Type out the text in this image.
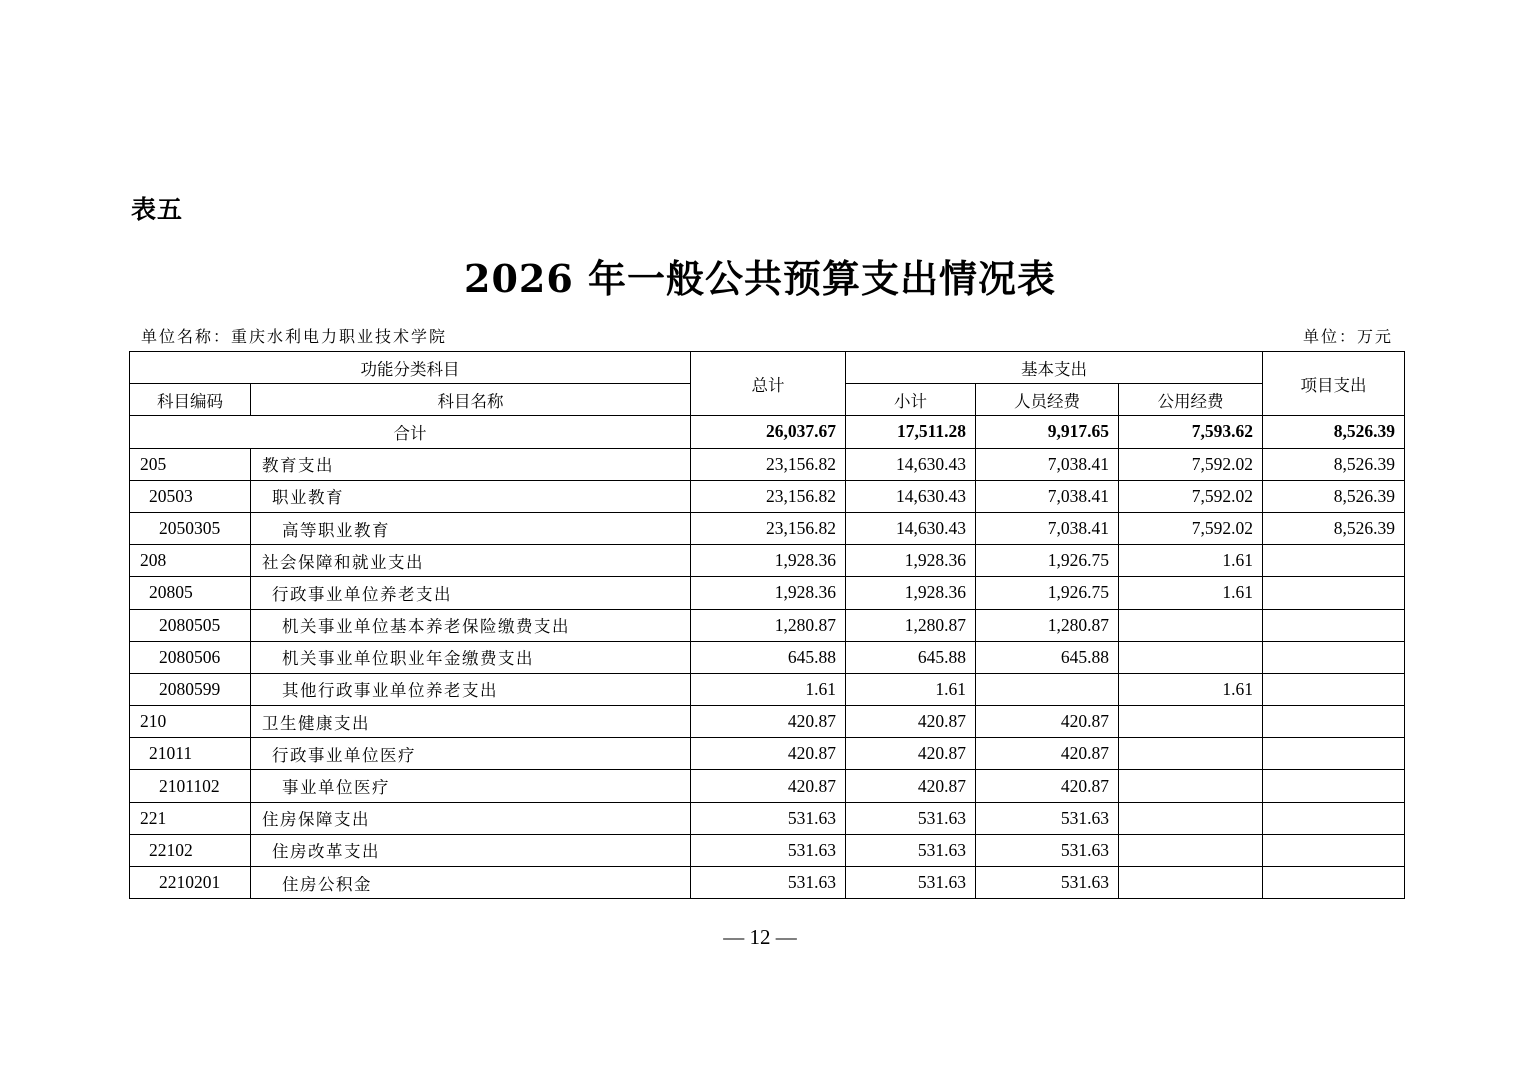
表五
2026 年一般公共预算支出情况表
单位名称：重庆水利电力职业技术学院	单位：万元
功能分类科目		总计	基本支出			项目支出
科目编码	科目名称		小计	人员经费	公用经费	
合计		26,037.67	17,511.28	9,917.65	7,593.62	8,526.39
205	教育支出	23,156.82	14,630.43	7,038.41	7,592.02	8,526.39
20503	职业教育	23,156.82	14,630.43	7,038.41	7,592.02	8,526.39
2050305	高等职业教育	23,156.82	14,630.43	7,038.41	7,592.02	8,526.39
208	社会保障和就业支出	1,928.36	1,928.36	1,926.75	1.61	
20805	行政事业单位养老支出	1,928.36	1,928.36	1,926.75	1.61	
2080505	机关事业单位基本养老保险缴费支出	1,280.87	1,280.87	1,280.87		
2080506	机关事业单位职业年金缴费支出	645.88	645.88	645.88		
2080599	其他行政事业单位养老支出	1.61	1.61		1.61	
210	卫生健康支出	420.87	420.87	420.87		
21011	行政事业单位医疗	420.87	420.87	420.87		
2101102	事业单位医疗	420.87	420.87	420.87		
221	住房保障支出	531.63	531.63	531.63		
22102	住房改革支出	531.63	531.63	531.63		
2210201	住房公积金	531.63	531.63	531.63		
— 12 —
